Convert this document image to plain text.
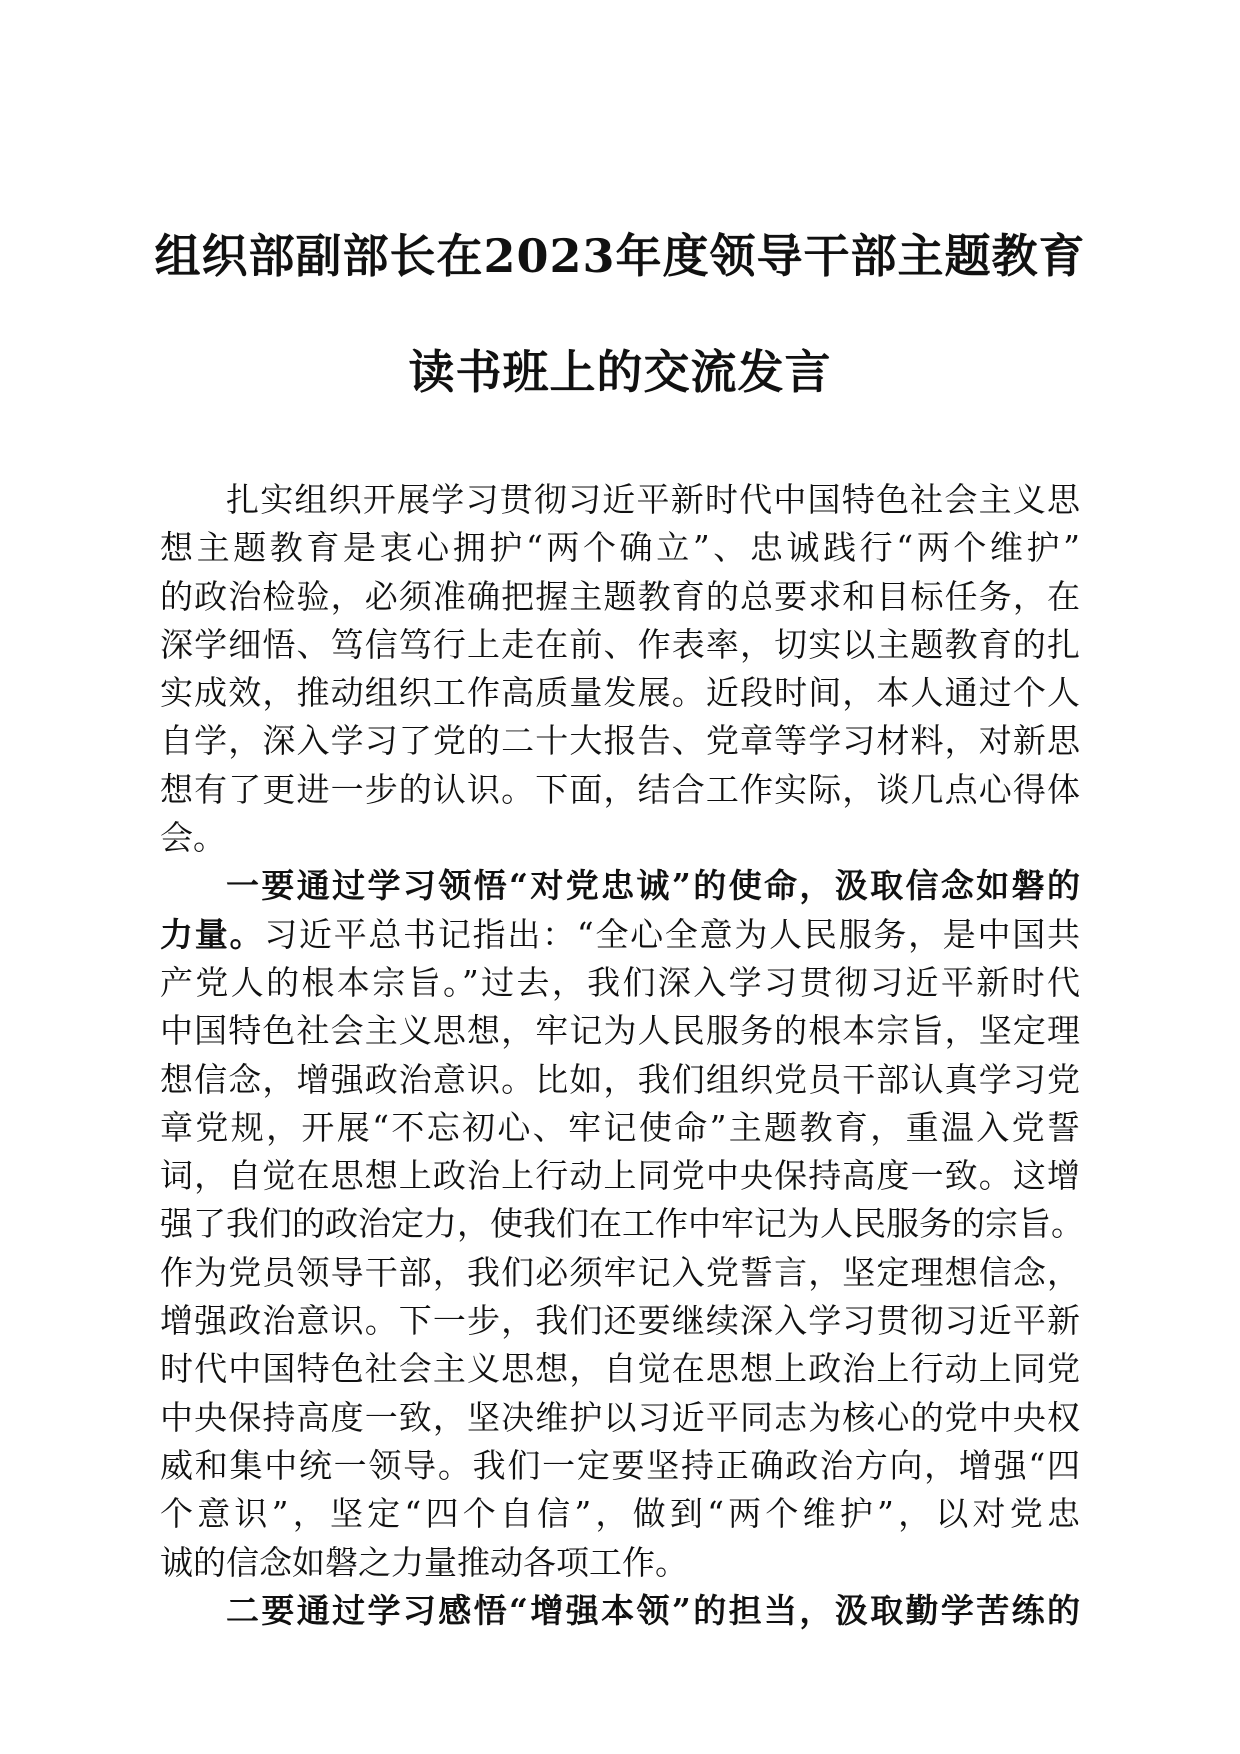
组织部副部长在2023年度领导干部主题教育
读书班上的交流发言
扎实组织开展学习贯彻习近平新时代中国特色社会主义思
想主题教育是衷心拥护“两个确立”、忠诚践行“两个维护”
的政治检验，必须准确把握主题教育的总要求和目标任务，在
深学细悟、笃信笃行上走在前、作表率，切实以主题教育的扎
实成效，推动组织工作高质量发展。近段时间，本人通过个人
自学，深入学习了党的二十大报告、党章等学习材料，对新思
想有了更进一步的认识。下面，结合工作实际，谈几点心得体
会。
一要通过学习领悟“对党忠诚”的使命，汲取信念如磐的
力量。习近平总书记指出：“全心全意为人民服务，是中国共
产党人的根本宗旨。”过去，我们深入学习贯彻习近平新时代
中国特色社会主义思想，牢记为人民服务的根本宗旨，坚定理
想信念，增强政治意识。比如，我们组织党员干部认真学习党
章党规，开展“不忘初心、牢记使命”主题教育，重温入党誓
词，自觉在思想上政治上行动上同党中央保持高度一致。这增
强了我们的政治定力，使我们在工作中牢记为人民服务的宗旨。
作为党员领导干部，我们必须牢记入党誓言，坚定理想信念，
增强政治意识。下一步，我们还要继续深入学习贯彻习近平新
时代中国特色社会主义思想，自觉在思想上政治上行动上同党
中央保持高度一致，坚决维护以习近平同志为核心的党中央权
威和集中统一领导。我们一定要坚持正确政治方向，增强“四
个意识”，坚定“四个自信”，做到“两个维护”，以对党忠
诚的信念如磐之力量推动各项工作。
二要通过学习感悟“增强本领”的担当，汲取勤学苦练的
